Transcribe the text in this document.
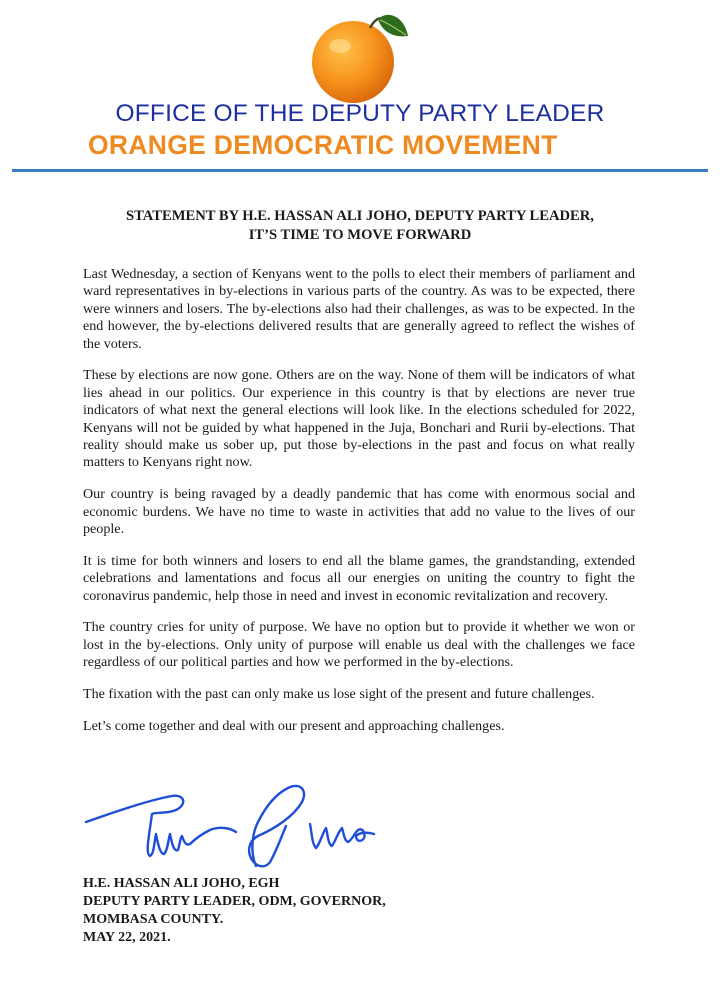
OFFICE OF THE DEPUTY PARTY LEADER
ORANGE DEMOCRATIC MOVEMENT
STATEMENT BY H.E. HASSAN ALI JOHO, DEPUTY PARTY LEADER,
IT’S TIME TO MOVE FORWARD

Last Wednesday, a section of Kenyans went to the polls to elect their members of parliament and ward representatives in by-elections in various parts of the country. As was to be expected, there were winners and losers. The by-elections also had their challenges, as was to be expected. In the end however, the by-elections delivered results that are generally agreed to reflect the wishes of the voters.

These by elections are now gone. Others are on the way. None of them will be indicators of what lies ahead in our politics. Our experience in this country is that by elections are never true indicators of what next the general elections will look like. In the elections scheduled for 2022, Kenyans will not be guided by what happened in the Juja, Bonchari and Rurii by-elections. That reality should make us sober up, put those by-elections in the past and focus on what really matters to Kenyans right now.

Our country is being ravaged by a deadly pandemic that has come with enormous social and economic burdens. We have no time to waste in activities that add no value to the lives of our people.

It is time for both winners and losers to end all the blame games, the grandstanding, extended celebrations and lamentations and focus all our energies on uniting the country to fight the coronavirus pandemic, help those in need and invest in economic revitalization and recovery.

The country cries for unity of purpose. We have no option but to provide it whether we won or lost in the by-elections. Only unity of purpose will enable us deal with the challenges we face regardless of our political parties and how we performed in the by-elections.

The fixation with the past can only make us lose sight of the present and future challenges.

Let’s come together and deal with our present and approaching challenges.

H.E. HASSAN ALI JOHO, EGH
DEPUTY PARTY LEADER, ODM, GOVERNOR,
MOMBASA COUNTY.
MAY 22, 2021.
